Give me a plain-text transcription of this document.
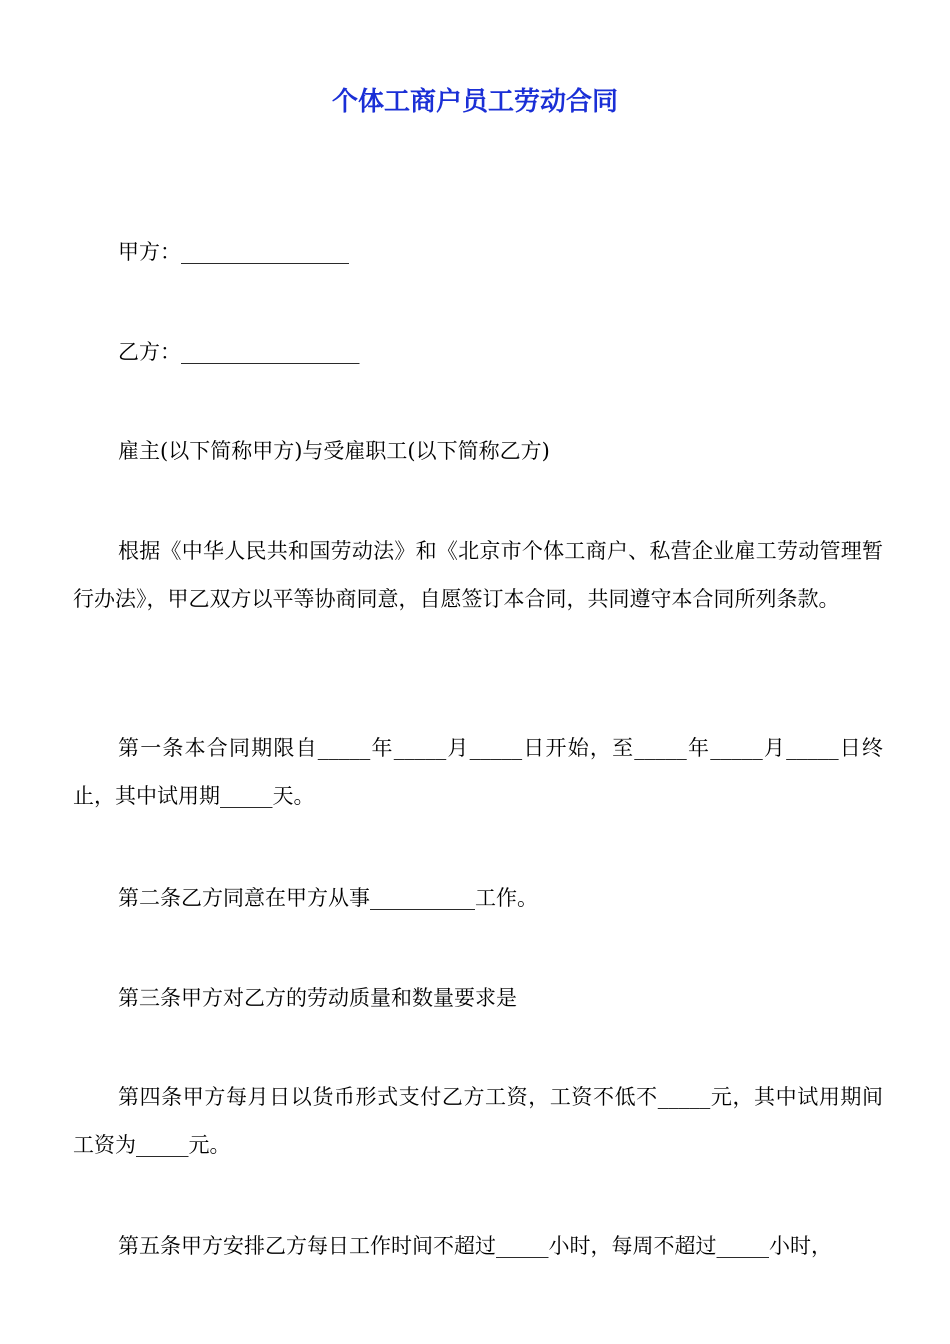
个体工商户员工劳动合同
甲方：________________
乙方：_________________
雇主(以下简称甲方)与受雇职工(以下简称乙方)
根据《中华人民共和国劳动法》和《北京市个体工商户、私营企业雇工劳动管理暂行办法》，甲乙双方以平等协商同意，自愿签订本合同，共同遵守本合同所列条款。
第一条本合同期限自_____年_____月_____日开始，至_____年_____月_____日终止，其中试用期_____天。
第二条乙方同意在甲方从事__________工作。
第三条甲方对乙方的劳动质量和数量要求是
第四条甲方每月日以货币形式支付乙方工资，工资不低不_____元，其中试用期间工资为_____元。
第五条甲方安排乙方每日工作时间不超过_____小时，每周不超过_____小时，
